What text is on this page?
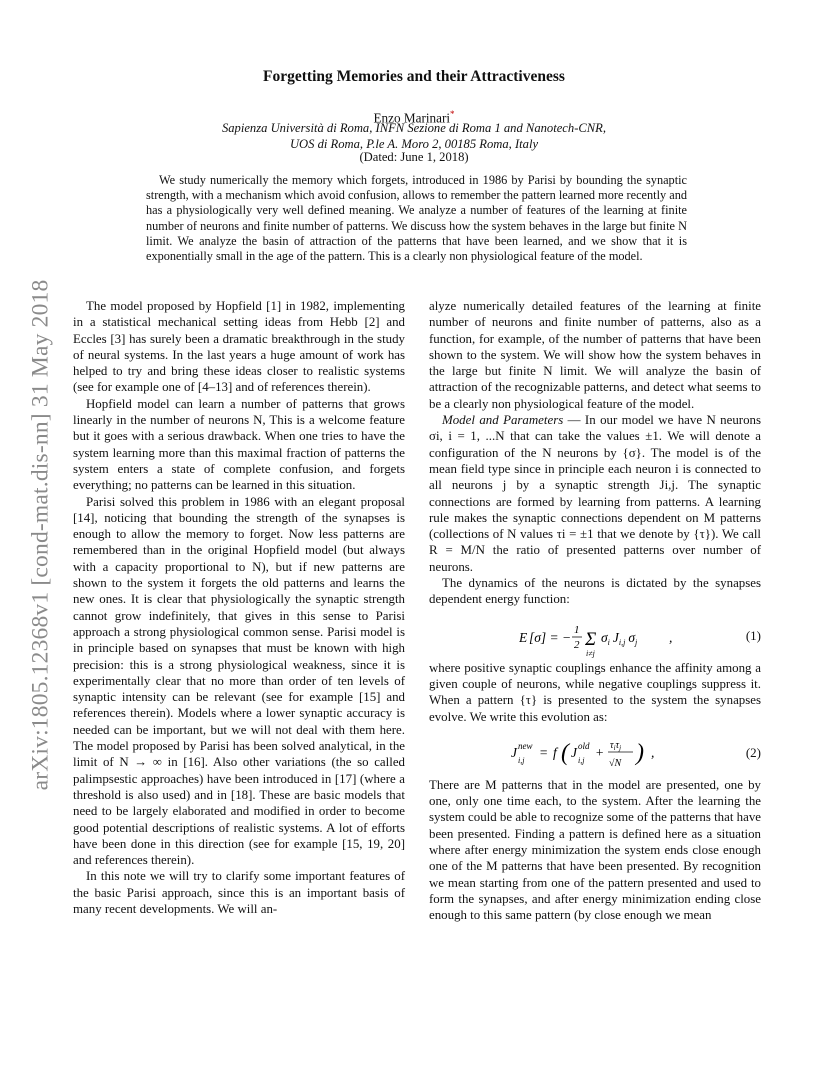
arXiv:1805.12368v1 [cond-mat.dis-nn] 31 May 2018
Forgetting Memories and their Attractiveness
Enzo Marinari*
Sapienza Università di Roma, INFN Sezione di Roma 1 and Nanotech-CNR,
UOS di Roma, P.le A. Moro 2, 00185 Roma, Italy
(Dated: June 1, 2018)
We study numerically the memory which forgets, introduced in 1986 by Parisi by bounding the synaptic strength, with a mechanism which avoid confusion, allows to remember the pattern learned more recently and has a physiologically very well defined meaning. We analyze a number of features of the learning at finite number of neurons and finite number of patterns. We discuss how the system behaves in the large but finite N limit. We analyze the basin of attraction of the patterns that have been learned, and we show that it is exponentially small in the age of the pattern. This is a clearly non physiological feature of the model.

The model proposed by Hopfield [1] in 1982, implementing in a statistical mechanical setting ideas from Hebb [2] and Eccles [3] has surely been a dramatic breakthrough in the study of neural systems. In the last years a huge amount of work has helped to try and bring these ideas closer to realistic systems (see for example one of [4–13] and of references therein).

Hopfield model can learn a number of patterns that grows linearly in the number of neurons N, This is a welcome feature but it goes with a serious drawback. When one tries to have the system learning more than this maximal fraction of patterns the system enters a state of complete confusion, and forgets everything; no patterns can be learned in this situation.

Parisi solved this problem in 1986 with an elegant proposal [14], noticing that bounding the strength of the synapses is enough to allow the memory to forget. Now less patterns are remembered than in the original Hopfield model (but always with a capacity proportional to N), but if new patterns are shown to the system it forgets the old patterns and learns the new ones. It is clear that physiologically the synaptic strength cannot grow indefinitely, that gives in this sense to Parisi approach a strong physiological common sense. Parisi model is in principle based on synapses that must be known with high precision: this is a strong physiological weakness, since it is experimentally clear that no more than order of ten levels of synaptic intensity can be relevant (see for example [15] and references therein). Models where a lower synaptic accuracy is needed can be important, but we will not deal with them here. The model proposed by Parisi has been solved analytical, in the limit of N → ∞ in [16]. Also other variations (the so called palimpsestic approaches) have been introduced in [17] (where a threshold is also used) and in [18]. These are basic models that need to be largely elaborated and modified in order to become good potential descriptions of realistic systems. A lot of efforts have been done in this direction (see for example [15, 19, 20] and references therein).

In this note we will try to clarify some important features of the basic Parisi approach, since this is an important basis of many recent developments. We will an-

alyze numerically detailed features of the learning at finite number of neurons and finite number of patterns, also as a function, for example, of the number of patterns that have been shown to the system. We will show how the system behaves in the large but finite N limit. We will analyze the basin of attraction of the recognizable patterns, and detect what seems to be a clearly non physiological feature of the model.

Model and Parameters — In our model we have N neurons σi, i = 1, ...N that can take the values ±1. We will denote a configuration of the N neurons by {σ}. The model is of the mean field type since in principle each neuron i is connected to all neurons j by a synaptic strength Ji,j. The synaptic connections are formed by learning from patterns. A learning rule makes the synaptic connections dependent on M patterns (collections of N values τi = ±1 that we denote by {τ}). We call R = M/N the ratio of presented patterns over number of neurons.

The dynamics of the neurons is dictated by the synapses dependent energy function:

E [σ] = − 1
2 Σ
i≠j
$\sigma_i$ $J_{i,j}$ $\sigma_j$ ,	(1)

where positive synaptic couplings enhance the affinity among a given couple of neurons, while negative couplings suppress it. When a pattern {τ} is presented to the system the synapses evolve. We write this evolution as:

J new
i,j
= f ( J old
i,j
+ $\tau_i\tau_j$
√N ) ,	(2)

There are M patterns that in the model are presented, one by one, only one time each, to the system. After the learning the system could be able to recognize some of the patterns that have been presented. Finding a pattern is defined here as a situation where after energy minimization the system ends close enough one of the M patterns that have been presented. By recognition we mean starting from one of the pattern presented and used to form the synapses, and after energy minimization ending close enough to this same pattern (by close enough we mean
